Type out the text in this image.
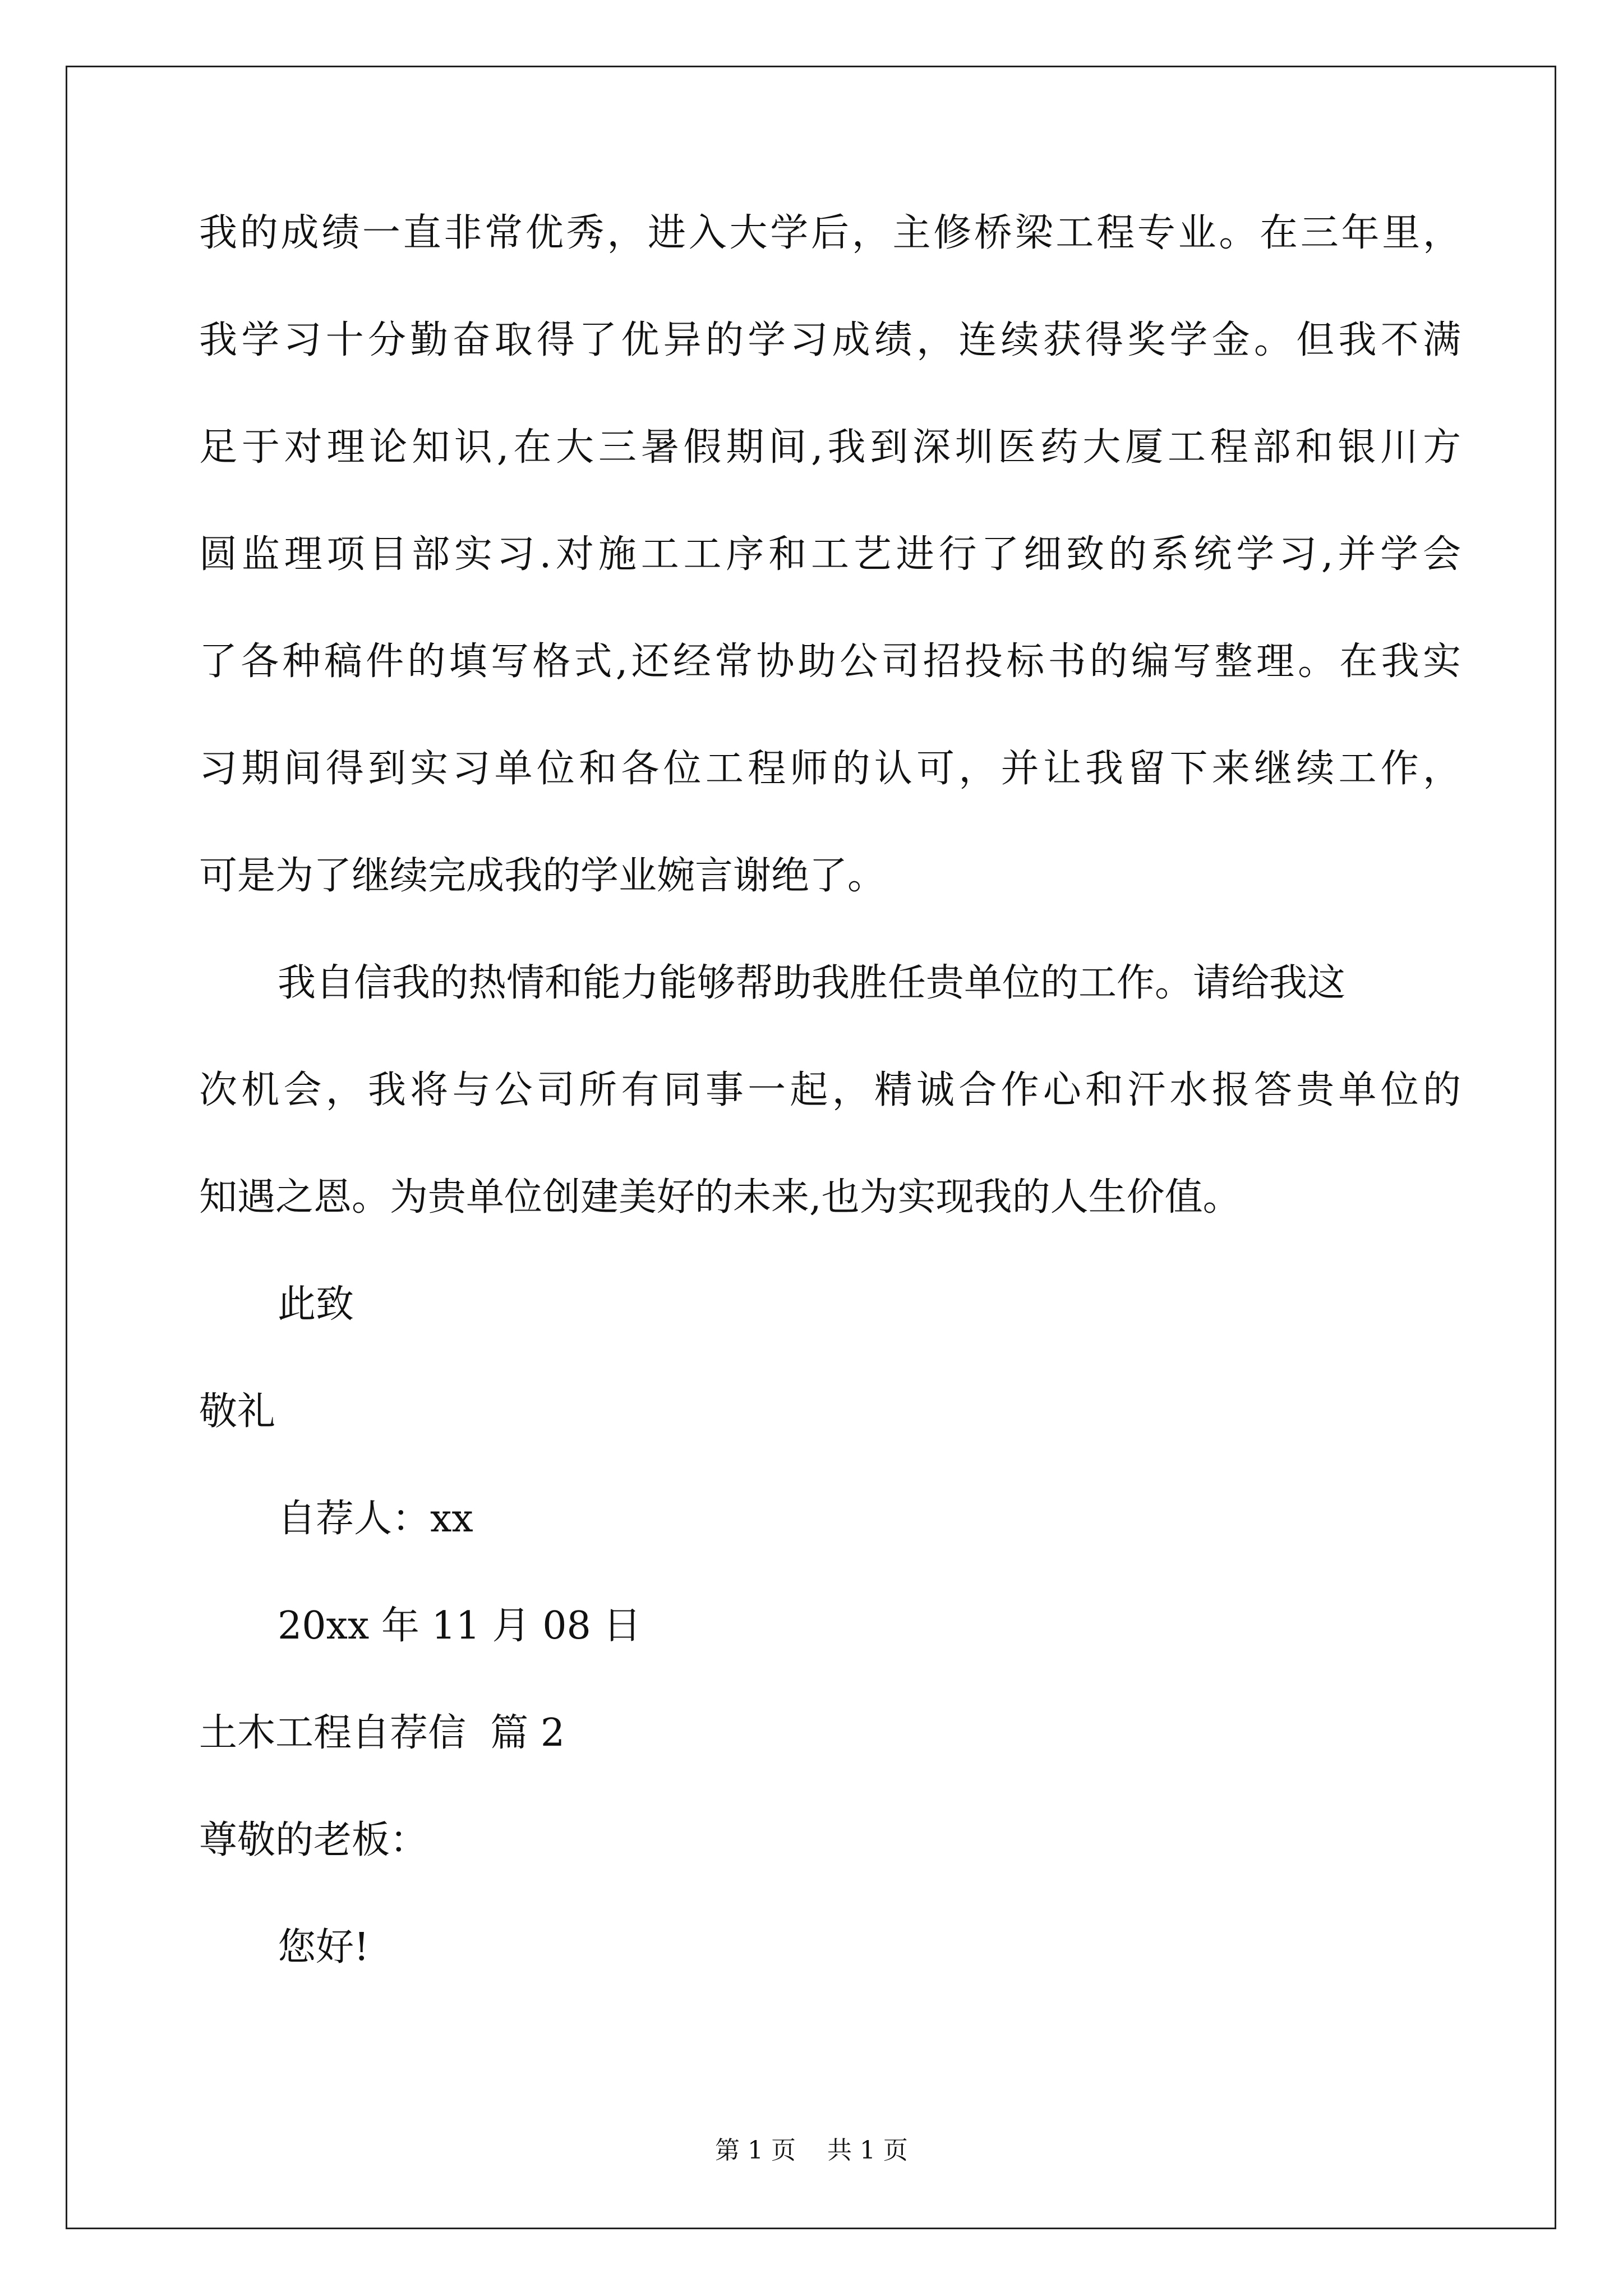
我的成绩一直非常优秀，进入大学后，主修桥梁工程专业。在三年里，
我学习十分勤奋取得了优异的学习成绩，连续获得奖学金。但我不满
足于对理论知识,在大三暑假期间,我到深圳医药大厦工程部和银川方
圆监理项目部实习.对施工工序和工艺进行了细致的系统学习,并学会
了各种稿件的填写格式,还经常协助公司招投标书的编写整理。在我实
习期间得到实习单位和各位工程师的认可，并让我留下来继续工作，
可是为了继续完成我的学业婉言谢绝了。
我自信我的热情和能力能够帮助我胜任贵单位的工作。请给我这
次机会，我将与公司所有同事一起，精诚合作心和汗水报答贵单位的
知遇之恩。为贵单位创建美好的未来,也为实现我的人生价值。
此致
敬礼
自荐人：xx
20xx 年 11 月 08 日
土木工程自荐信  篇 2
尊敬的老板：
您好!
第 1 页    共 1 页
